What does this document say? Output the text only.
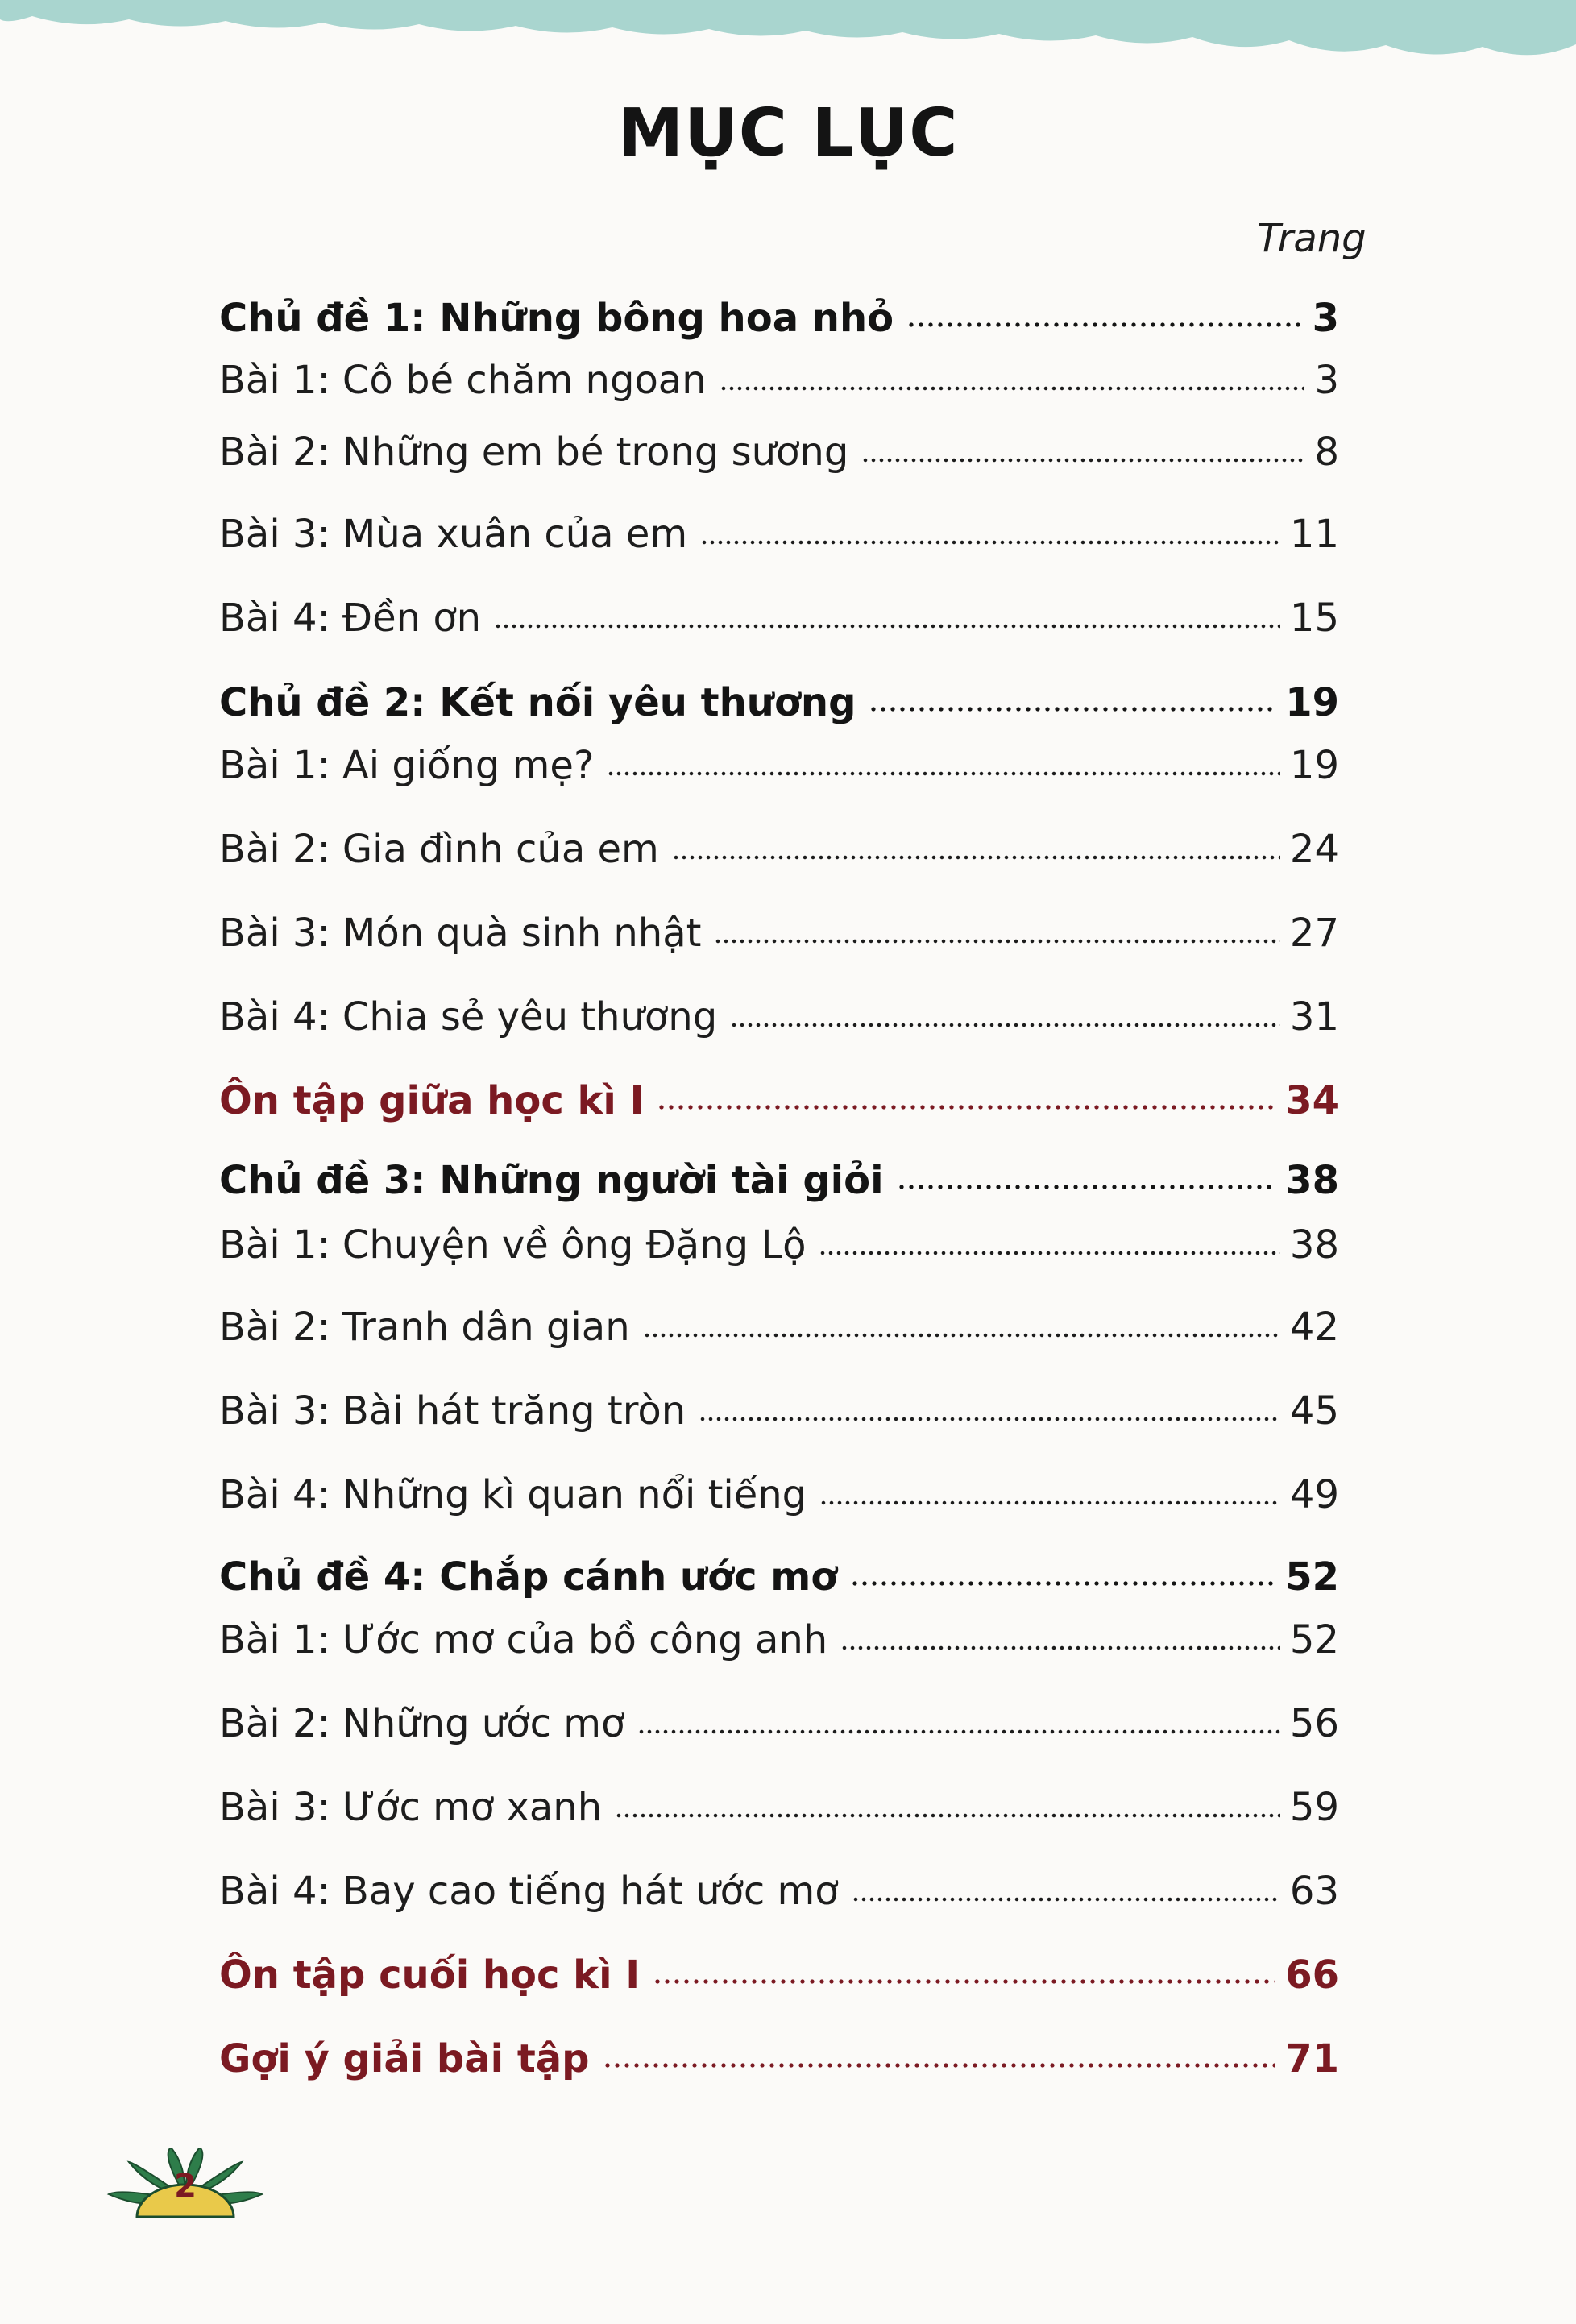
MỤC LỤC
Trang
Chủ đề 1: Những bông hoa nhỏ	3
Bài 1: Cô bé chăm ngoan	3
Bài 2: Những em bé trong sương	8
Bài 3: Mùa xuân của em	11
Bài 4: Đền ơn	15
Chủ đề 2: Kết nối yêu thương	19
Bài 1: Ai giống mẹ?	19
Bài 2: Gia đình của em	24
Bài 3: Món quà sinh nhật	27
Bài 4: Chia sẻ yêu thương	31
Ôn tập giữa học kì I	34
Chủ đề 3: Những người tài giỏi	38
Bài 1: Chuyện về ông Đặng Lộ	38
Bài 2: Tranh dân gian	42
Bài 3: Bài hát trăng tròn	45
Bài 4: Những kì quan nổi tiếng	49
Chủ đề 4: Chắp cánh ước mơ	52
Bài 1: Ước mơ của bồ công anh	52
Bài 2: Những ước mơ	56
Bài 3: Ước mơ xanh	59
Bài 4: Bay cao tiếng hát ước mơ	63
Ôn tập cuối học kì I	66
Gợi ý giải bài tập	71
2
